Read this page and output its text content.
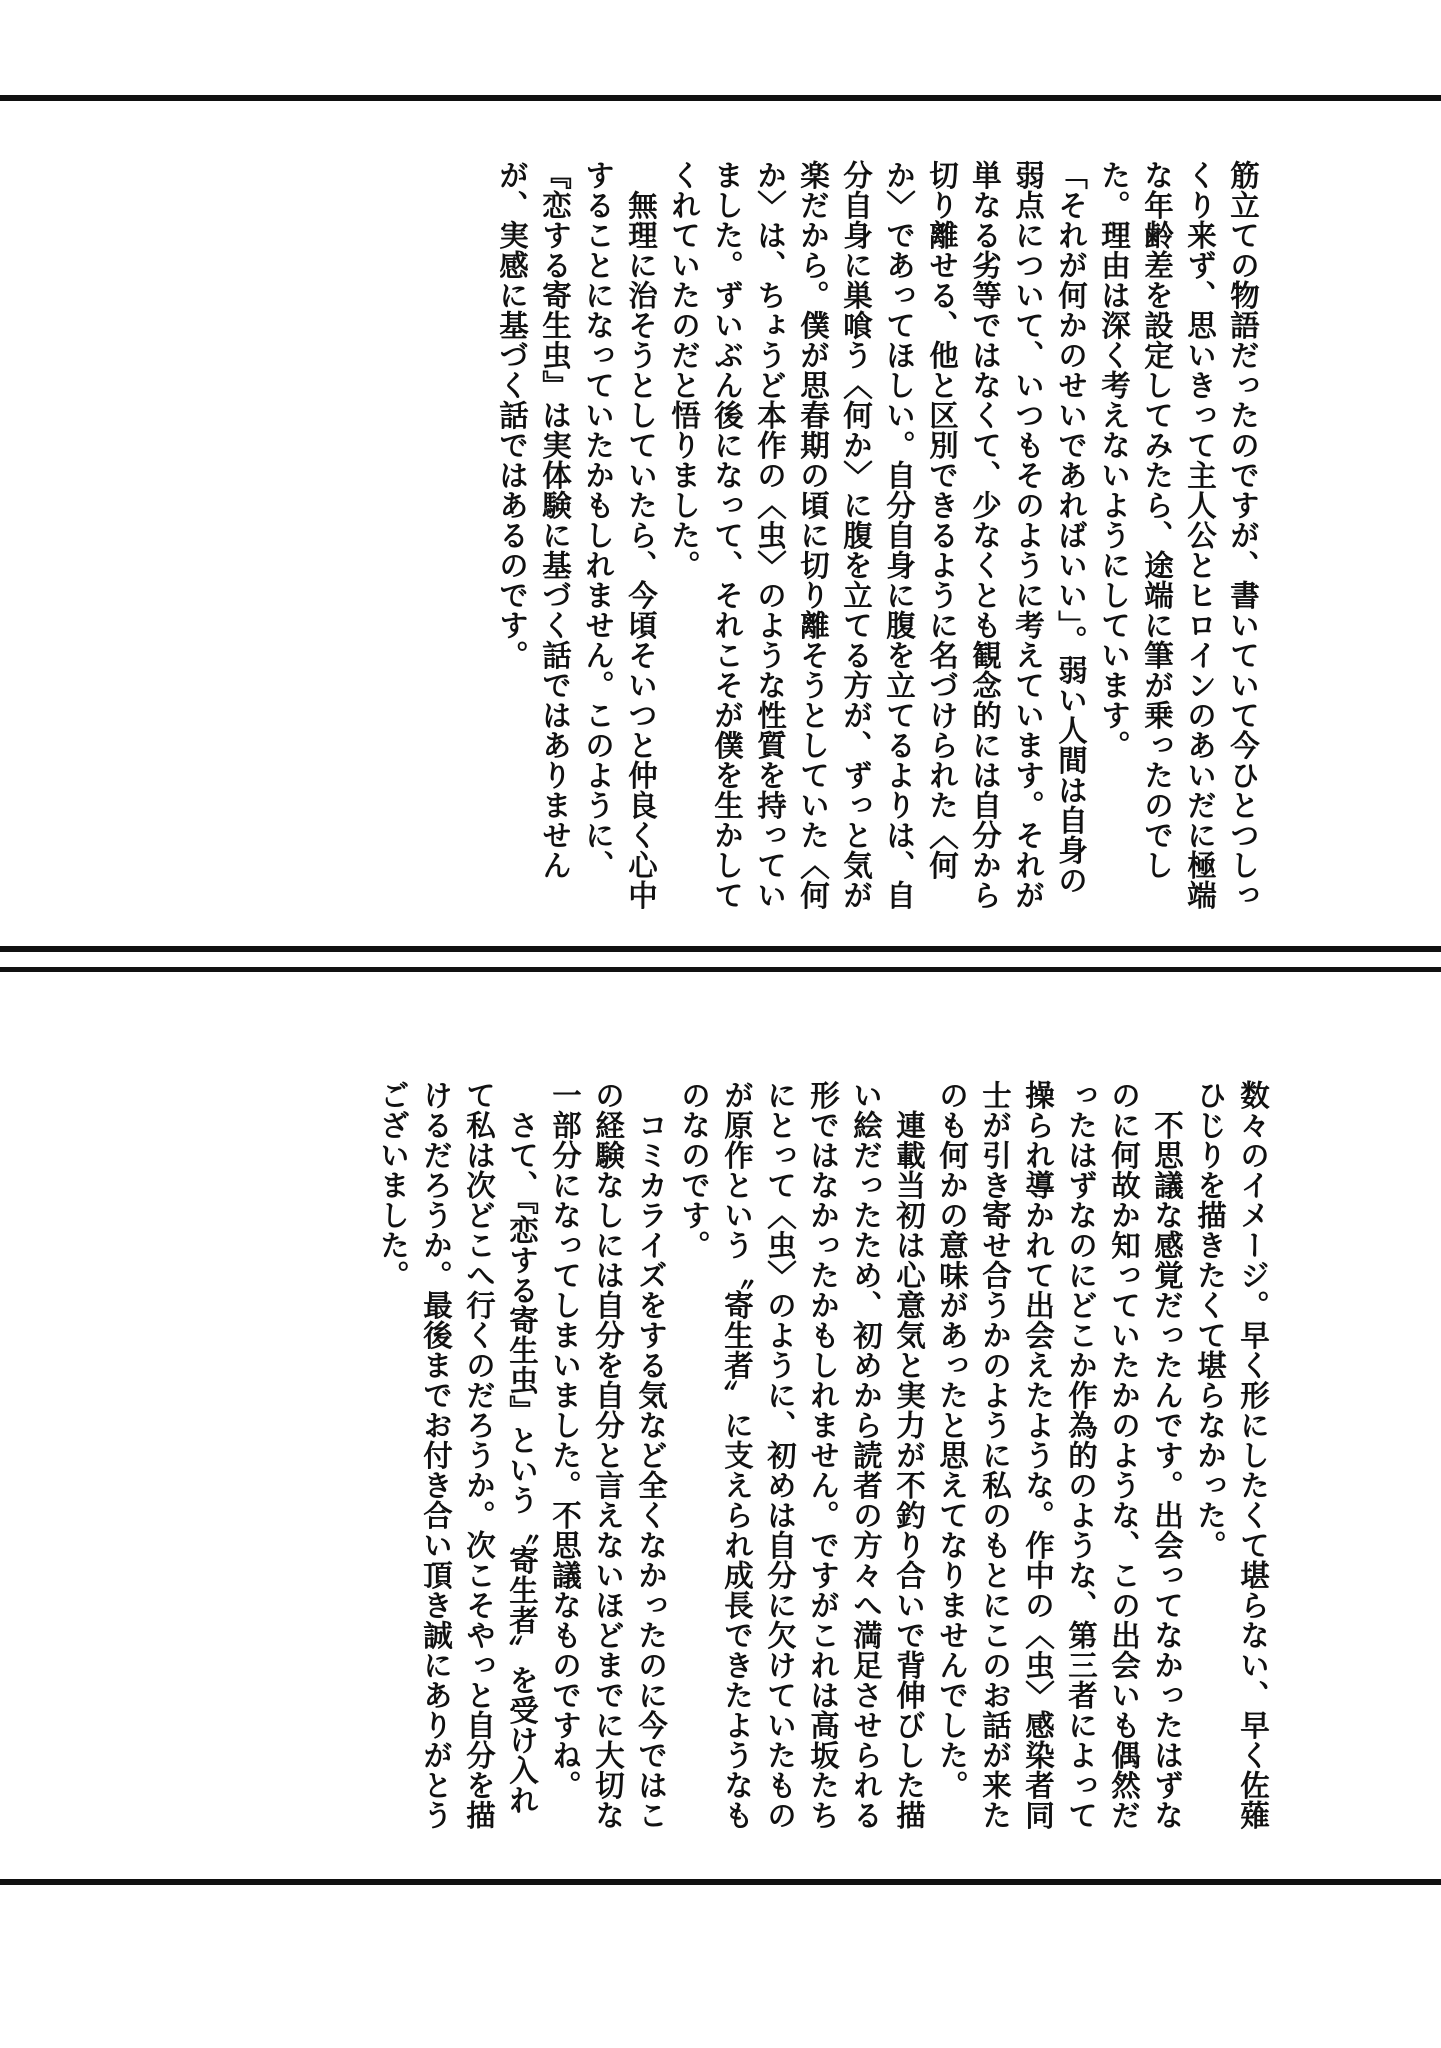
筋立ての物語だったのですが、書いていて今ひとつしっくり来ず、思いきって主人公とヒロインのあいだに極端な年齢差を設定してみたら、途端に筆が乗ったのでした。理由は深く考えないようにしています。

「それが何かのせいであればいい」。弱い人間は自身の弱点について、いつもそのように考えています。それが単なる劣等ではなくて、少なくとも観念的には自分から切り離せる、他と区別できるように名づけられた〈何か〉であってほしい。自分自身に腹を立てるよりは、自分自身に巣喰う〈何か〉に腹を立てる方が、ずっと気が楽だから。僕が思春期の頃に切り離そうとしていた〈何か〉は、ちょうど本作の〈虫〉のような性質を持っていました。ずいぶん後になって、それこそが僕を生かしてくれていたのだと悟りました。

　無理に治そうとしていたら、今頃そいつと仲良く心中することになっていたかもしれません。このように、『恋する寄生虫』は実体験に基づく話ではありませんが、実感に基づく話ではあるのです。

数々のイメージ。早く形にしたくて堪らない、早く佐薙ひじりを描きたくて堪らなかった。

　不思議な感覚だったんです。出会ってなかったはずなのに何故か知っていたかのような、この出会いも偶然だったはずなのにどこか作為的のような、第三者によって操られ導かれて出会えたような。作中の〈虫〉感染者同士が引き寄せ合うかのように私のもとにこのお話が来たのも何かの意味があったと思えてなりませんでした。

　連載当初は心意気と実力が不釣り合いで背伸びした描い絵だったため、初めから読者の方々へ満足させられる形ではなかったかもしれません。ですがこれは高坂たちにとって〈虫〉のように、初めは自分に欠けていたものが原作という〝寄生者〟に支えられ成長できたようなものなのです。

　コミカライズをする気など全くなかったのに今ではこの経験なしには自分を自分と言えないほどまでに大切な一部分になってしまいました。不思議なものですね。

　さて、『恋する寄生虫』という〝寄生者〟を受け入れて私は次どこへ行くのだろうか。次こそやっと自分を描けるだろうか。最後までお付き合い頂き誠にありがとうございました。
